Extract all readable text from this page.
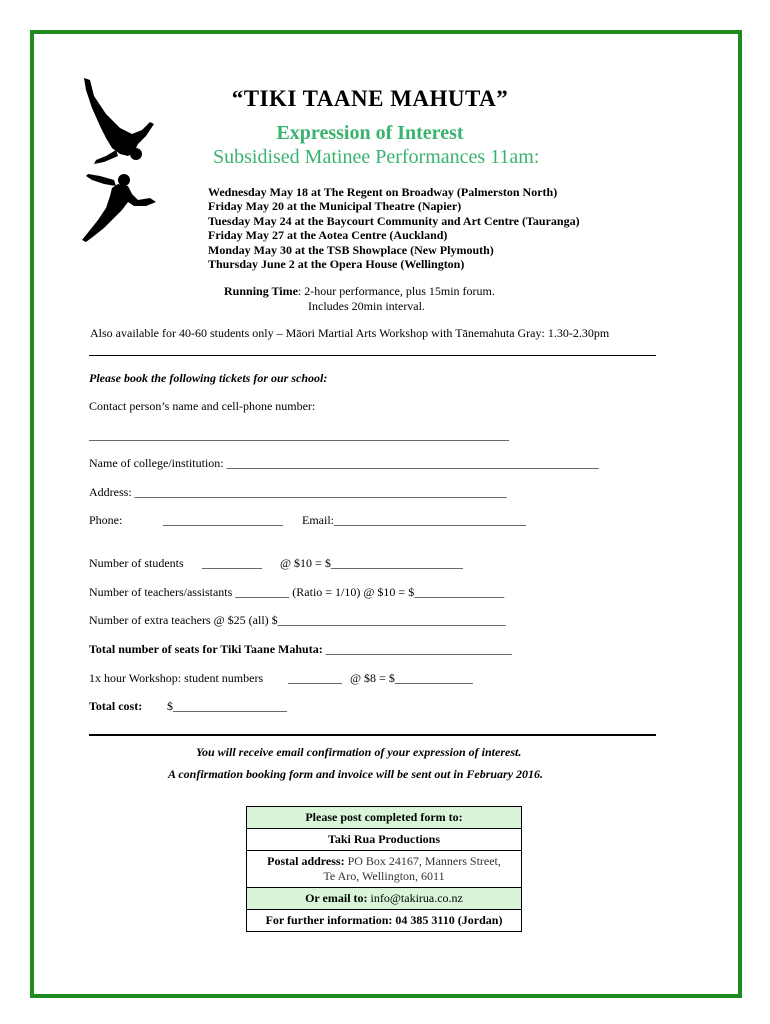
“TIKI TAANE MAHUTA”
Expression of Interest
Subsidised Matinee Performances 11am:
Wednesday May 18 at The Regent on Broadway (Palmerston North)
Friday May 20 at the Municipal Theatre (Napier)
Tuesday May 24 at the Baycourt Community and Art Centre (Tauranga)
Friday May 27 at the Aotea Centre (Auckland)
Monday May 30 at the TSB Showplace (New Plymouth)
Thursday June 2 at the Opera House (Wellington)
Running Time: 2-hour performance, plus 15min forum.
Includes 20min interval.
Also available for 40-60 students only – Māori Martial Arts Workshop with Tānemahuta Gray: 1.30-2.30pm
Please book the following tickets for our school:
Contact person’s name and cell-phone number:
______________________________________________________________________
Name of college/institution: ______________________________________________________________
Address: ______________________________________________________________
Phone:	____________________ Email:________________________________
Number of students __________ @ $10 = $______________________
Number of teachers/assistants _________ (Ratio = 1/10) @ $10 = $_______________
Number of extra teachers @ $25 (all) $______________________________________
Total number of seats for Tiki Taane Mahuta: _______________________________
1x hour Workshop: student numbers _________ @ $8 = $_____________
Total cost: $___________________
You will receive email confirmation of your expression of interest.
A confirmation booking form and invoice will be sent out in February 2016.
Please post completed form to:
Taki Rua Productions
Postal address: PO Box 24167, Manners Street,
Te Aro, Wellington, 6011
Or email to: info@takirua.co.nz
For further information: 04 385 3110 (Jordan)
